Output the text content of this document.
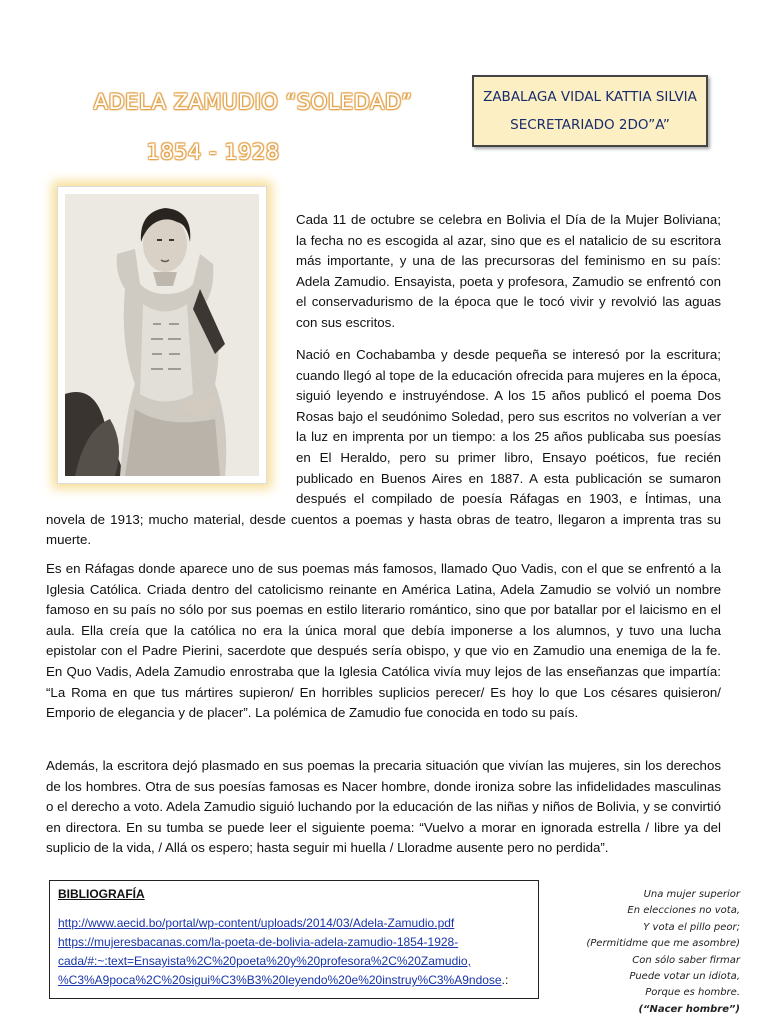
ADELA ZAMUDIO “SOLEDAD”
1854 - 1928
ZABALAGA VIDAL KATTIA SILVIA
SECRETARIADO 2DO”A”

Cada 11 de octubre se celebra en Bolivia el Día de la Mujer Boliviana; la fecha no es escogida al azar, sino que es el natalicio de su escritora más importante, y una de las precursoras del feminismo en su país: Adela Zamudio. Ensayista, poeta y profesora, Zamudio se enfrentó con el conservadurismo de la época que le tocó vivir y revolvió las aguas con sus escritos.

Nació en Cochabamba y desde pequeña se interesó por la escritura; cuando llegó al tope de la educación ofrecida para mujeres en la época, siguió leyendo e instruyéndose. A los 15 años publicó el poema Dos Rosas bajo el seudónimo Soledad, pero sus escritos no volverían a ver la luz en imprenta por un tiempo: a los 25 años publicaba sus poesías en El Heraldo, pero su primer libro, Ensayo poéticos, fue recién publicado en Buenos Aires en 1887. A esta publicación se sumaron después el compilado de poesía Ráfagas en 1903, e Íntimas, una novela de 1913; mucho material, desde cuentos a poemas y hasta obras de teatro, llegaron a imprenta tras su muerte.

Es en Ráfagas donde aparece uno de sus poemas más famosos, llamado Quo Vadis, con el que se enfrentó a la Iglesia Católica. Criada dentro del catolicismo reinante en América Latina, Adela Zamudio se volvió un nombre famoso en su país no sólo por sus poemas en estilo literario romántico, sino que por batallar por el laicismo en el aula. Ella creía que la católica no era la única moral que debía imponerse a los alumnos, y tuvo una lucha epistolar con el Padre Pierini, sacerdote que después sería obispo, y que vio en Zamudio una enemiga de la fe. En Quo Vadis, Adela Zamudio enrostraba que la Iglesia Católica vivía muy lejos de las enseñanzas que impartía: “La Roma en que tus mártires supieron/ En horribles suplicios perecer/ Es hoy lo que Los césares quisieron/ Emporio de elegancia y de placer”. La polémica de Zamudio fue conocida en todo su país.

Además, la escritora dejó plasmado en sus poemas la precaria situación que vivían las mujeres, sin los derechos de los hombres. Otra de sus poesías famosas es Nacer hombre, donde ironiza sobre las infidelidades masculinas o el derecho a voto. Adela Zamudio siguió luchando por la educación de las niñas y niños de Bolivia, y se convirtió en directora. En su tumba se puede leer el siguiente poema: “Vuelvo a morar en ignorada estrella / libre ya del suplicio de la vida, / Allá os espero; hasta seguir mi huella / Lloradme ausente pero no perdida”.

BIBLIOGRAFÍA
http://www.aecid.bo/portal/wp-content/uploads/2014/03/Adela-Zamudio.pdf
https://mujeresbacanas.com/la-poeta-de-bolivia-adela-zamudio-1854-1928-
cada/#:~:text=Ensayista%2C%20poeta%20y%20profesora%2C%20Zamudio,
%C3%A9poca%2C%20sigui%C3%B3%20leyendo%20e%20instruy%C3%A9ndose.:
Una mujer superior
En elecciones no vota,
Y vota el pillo peor;
(Permitidme que me asombre)
Con sólo saber firmar
Puede votar un idiota,
Porque es hombre.
(“Nacer hombre”)
